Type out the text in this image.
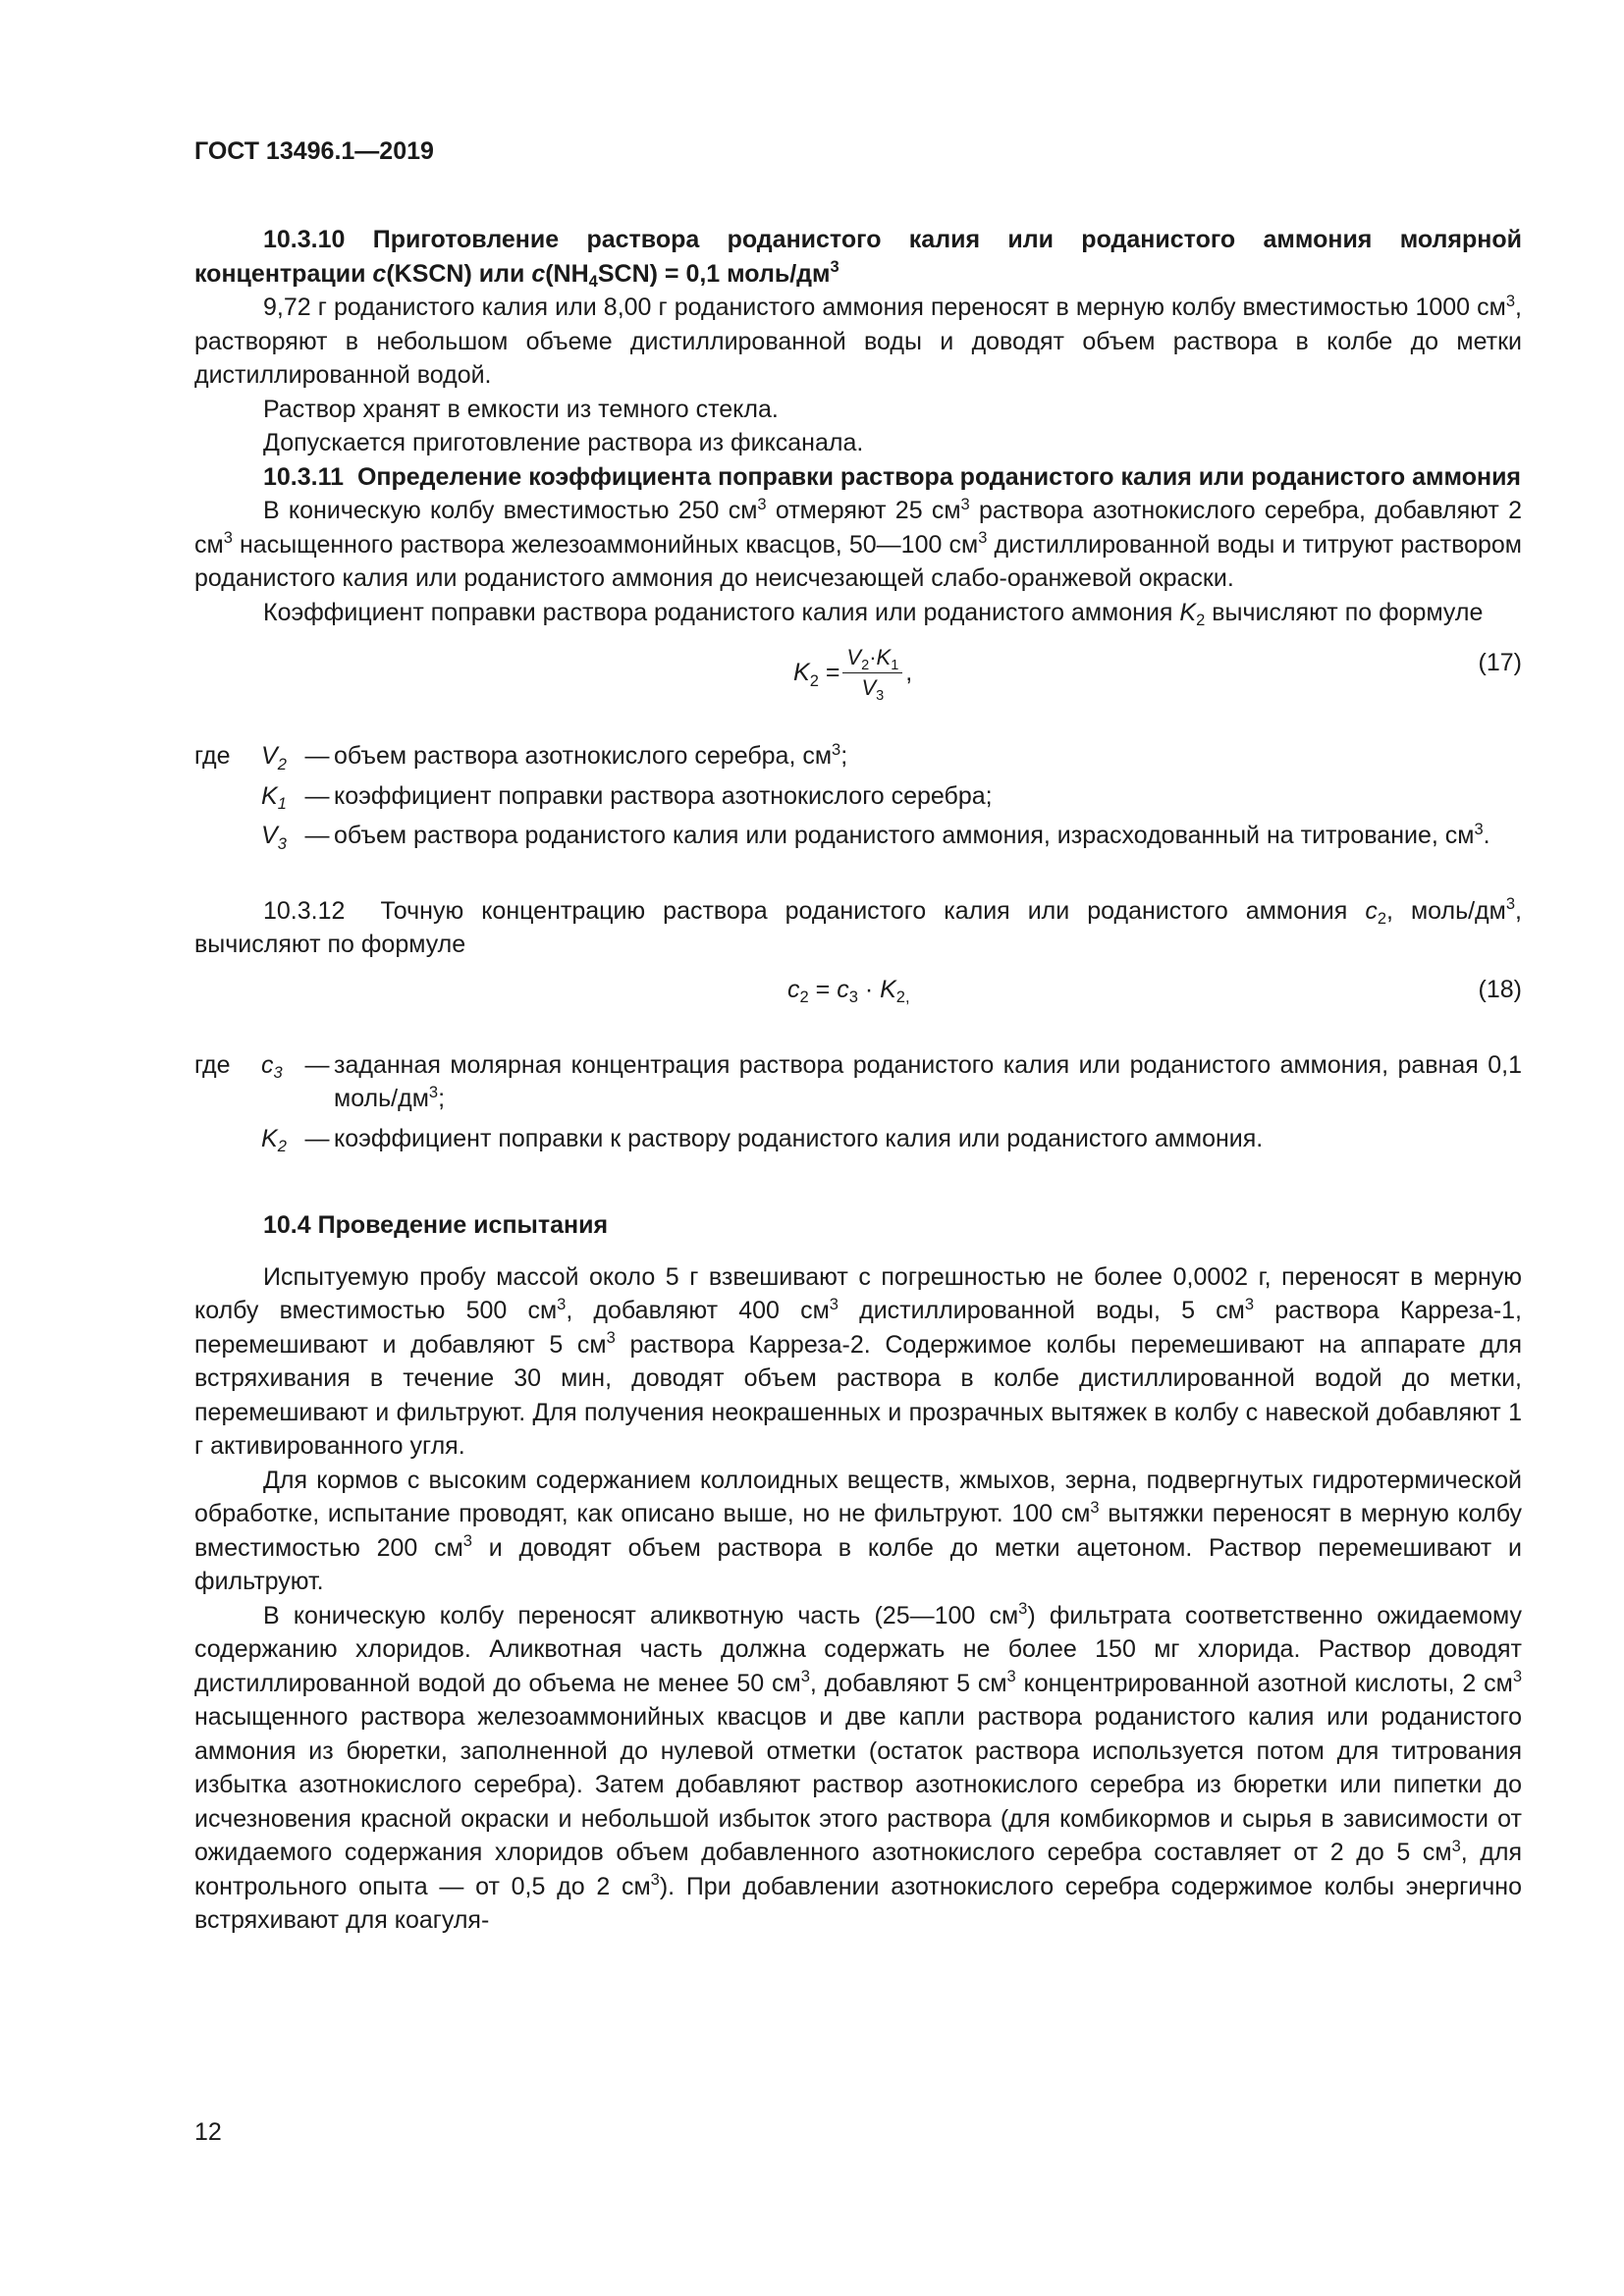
ГОСТ 13496.1—2019

10.3.10 Приготовление раствора роданистого калия или роданистого аммония молярной концентрации c(KSCN) или $c(NH_4SCN) = 0,1$ моль/$дм^3$

9,72 г роданистого калия или 8,00 г роданистого аммония переносят в мерную колбу вместимостью 1000 $см^3$, растворяют в небольшом объеме дистиллированной воды и доводят объем раствора в колбе до метки дистиллированной водой.

Раствор хранят в емкости из темного стекла.

Допускается приготовление раствора из фиксанала.

10.3.11 Определение коэффициента поправки раствора роданистого калия или роданистого аммония

В коническую колбу вместимостью 250 $см^3$ отмеряют 25 $см^3$ раствора азотнокислого серебра, добавляют 2 $см^3$ насыщенного раствора железоаммонийных квасцов, 50—100 $см^3$ дистиллированной воды и титруют раствором роданистого калия или роданистого аммония до неисчезающей слабо-оранжевой окраски.

Коэффициент поправки раствора роданистого калия или роданистого аммония $K_2$ вычисляют по формуле

$K_2 = \frac{V_2\cdot K_1}{V_3}$ ,	(17)
где	$V_2$ — объем раствора азотнокислого серебра, $см^3$;
$K_1$ — коэффициент поправки раствора азотнокислого серебра;
$V_3$ — объем раствора роданистого калия или роданистого аммония, израсходованный на титрование, $см^3$.

10.3.12 Точную концентрацию раствора роданистого калия или роданистого аммония $c_2$, моль/$дм^3$, вычисляют по формуле

$c_2 = c_3 \cdot K_{2,}$	(18)
где	$c_3$ — заданная молярная концентрация раствора роданистого калия или роданистого аммония, равная 0,1 моль/$дм^3$;
$K_2$ — коэффициент поправки к раствору роданистого калия или роданистого аммония.

10.4 Проведение испытания

Испытуемую пробу массой около 5 г взвешивают с погрешностью не более 0,0002 г, переносят в мерную колбу вместимостью 500 $см^3$, добавляют 400 $см^3$ дистиллированной воды, 5 $см^3$ раствора Карреза-1, перемешивают и добавляют 5 $см^3$ раствора Карреза-2. Содержимое колбы перемешивают на аппарате для встряхивания в течение 30 мин, доводят объем раствора в колбе дистиллированной водой до метки, перемешивают и фильтруют. Для получения неокрашенных и прозрачных вытяжек в колбу с навеской добавляют 1 г активированного угля.

Для кормов с высоким содержанием коллоидных веществ, жмыхов, зерна, подвергнутых гидротермической обработке, испытание проводят, как описано выше, но не фильтруют. 100 $см^3$ вытяжки переносят в мерную колбу вместимостью 200 $см^3$ и доводят объем раствора в колбе до метки ацетоном. Раствор перемешивают и фильтруют.

В коническую колбу переносят аликвотную часть (25—100 $см^3$) фильтрата соответственно ожидаемому содержанию хлоридов. Аликвотная часть должна содержать не более 150 мг хлорида. Раствор доводят дистиллированной водой до объема не менее 50 $см^3$, добавляют 5 $см^3$ концентрированной азотной кислоты, 2 $см^3$ насыщенного раствора железоаммонийных квасцов и две капли раствора роданистого калия или роданистого аммония из бюретки, заполненной до нулевой отметки (остаток раствора используется потом для титрования избытка азотнокислого серебра). Затем добавляют раствор азотнокислого серебра из бюретки или пипетки до исчезновения красной окраски и небольшой избыток этого раствора (для комбикормов и сырья в зависимости от ожидаемого содержания хлоридов объем добавленного азотнокислого серебра составляет от 2 до 5 $см^3$, для контрольного опыта — от 0,5 до 2 $см^3$). При добавлении азотнокислого серебра содержимое колбы энергично встряхивают для коагуля-

12
